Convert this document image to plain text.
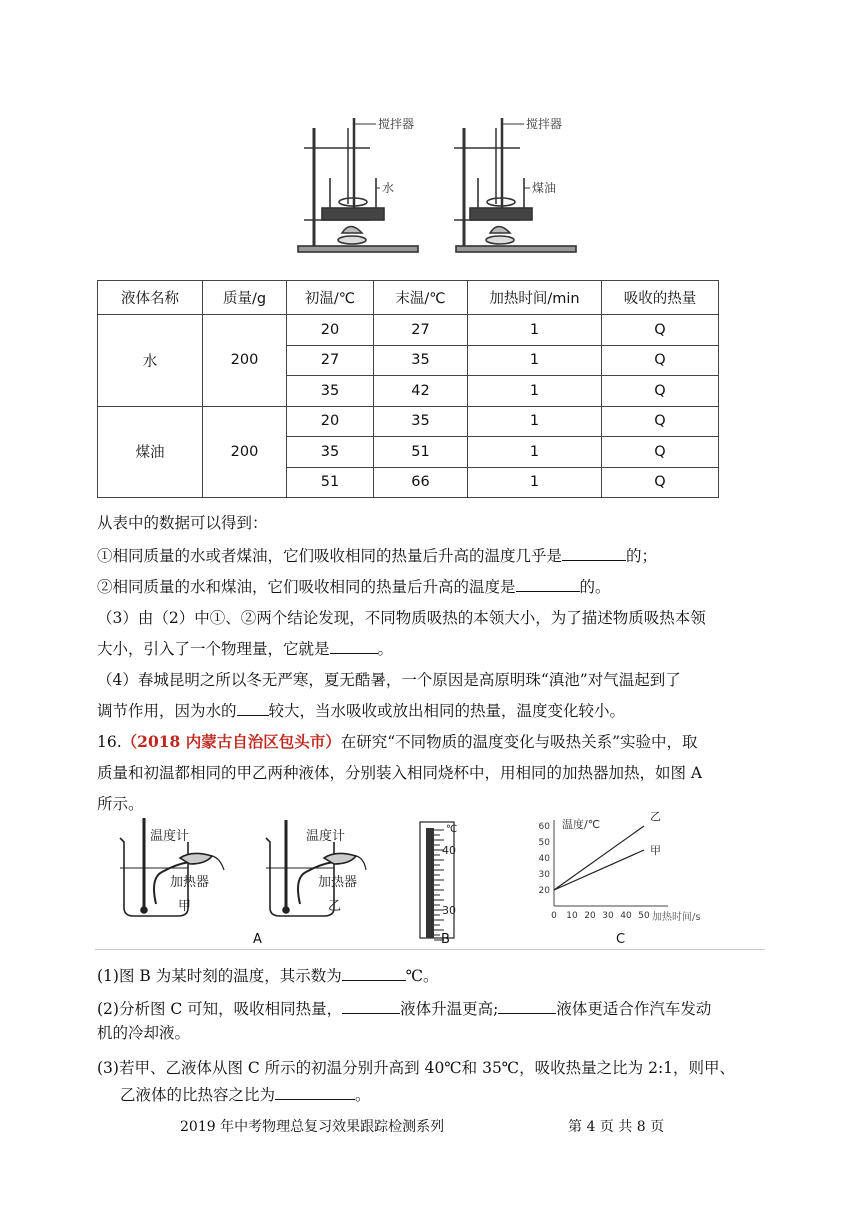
搅拌器
水
搅拌器
煤油
液体名称	质量/g	初温/℃	末温/℃	加热时间/min	吸收的热量
水	200	20	27	1	Q
		27	35	1	Q
		35	42	1	Q
煤油	200	20	35	1	Q
		35	51	1	Q
		51	66	1	Q
从表中的数据可以得到：
①相同质量的水或者煤油，它们吸收相同的热量后升高的温度几乎是	的；
②相同质量的水和煤油，它们吸收相同的热量后升高的温度是	的。
（3）由（2）中①、②两个结论发现，不同物质吸热的本领大小，为了描述物质吸热本领
大小，引入了一个物理量，它就是	。
（4）春城昆明之所以冬无严寒，夏无酷暑，一个原因是高原明珠“滇池”对气温起到了
调节作用，因为水的 较大，当水吸收或放出相同的热量，温度变化较小。
16.（2018 内蒙古自治区包头市）在研究“不同物质的温度变化与吸热关系”实验中，取
质量和初温都相同的甲乙两种液体，分别装入相同烧杯中，用相同的加热器加热，如图 A
所示。
温度计
加热器
甲
温度计
加热器
乙
℃
40
30
20
30
40
50
60
0 10 20 30 40 50
温度/℃
加热时间/s
乙
甲
A	B	C
(1)图 B 为某时刻的温度，其示数为	℃。
(2)分析图 C 可知，吸收相同热量，	液体升温更高;	液体更适合作汽车发动
机的冷却液。
(3)若甲、乙液体从图 C 所示的初温分别升高到 40℃和 35℃，吸收热量之比为 2:1，则甲、
乙液体的比热容之比为	。
2019 年中考物理总复习效果跟踪检测系列	第 4 页 共 8 页
